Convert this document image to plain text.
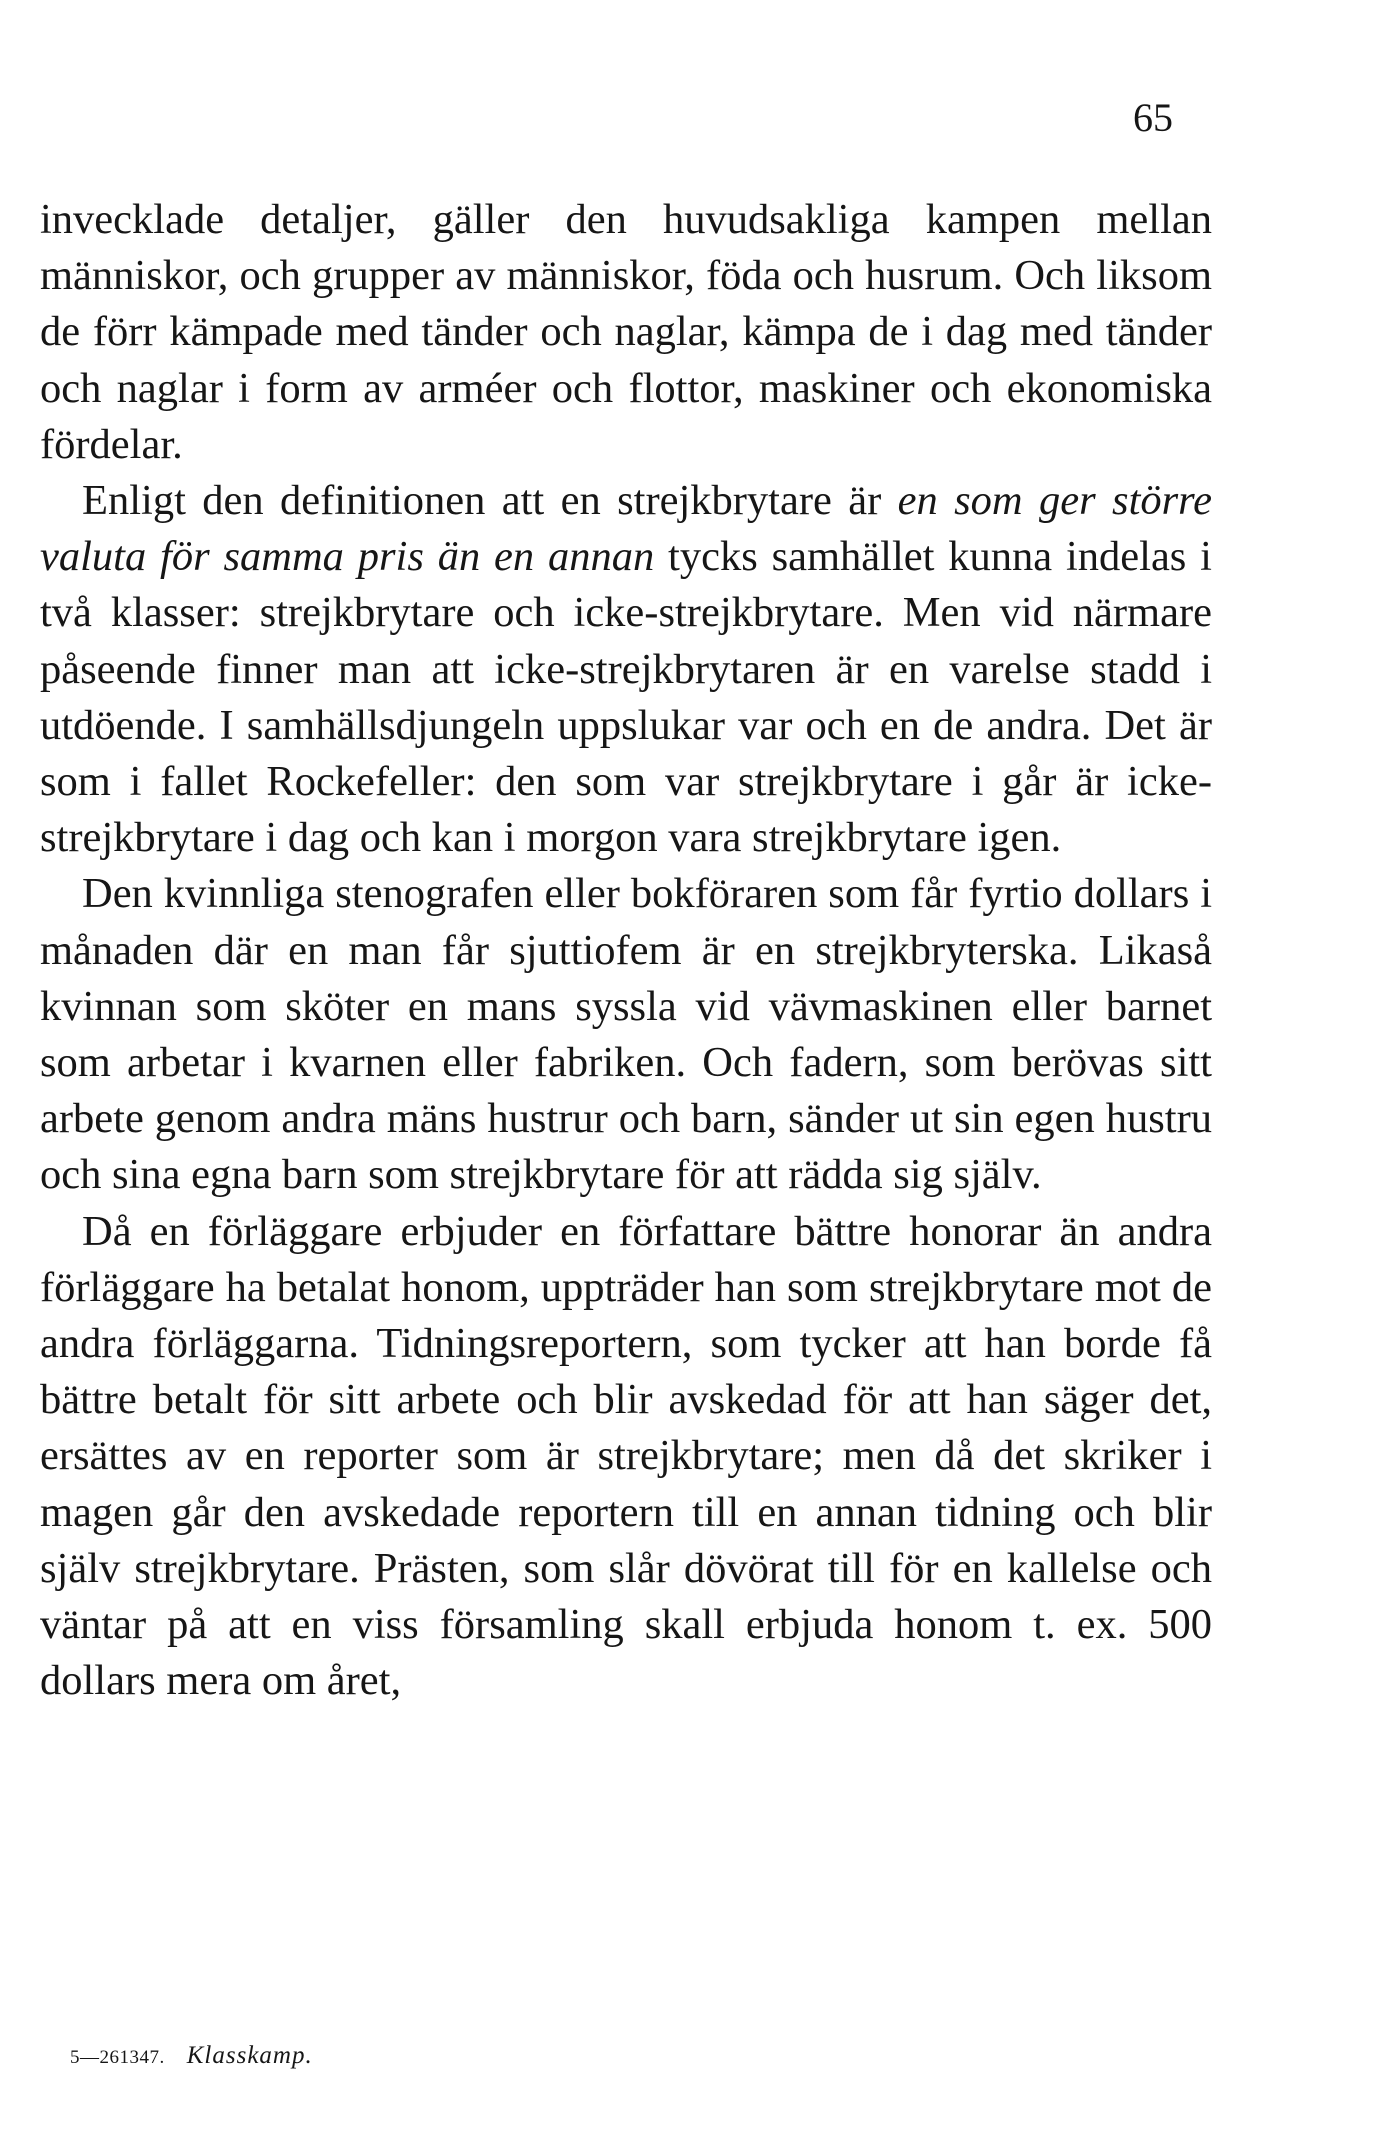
65

invecklade detaljer, gäller den huvudsakliga kampen mellan människor, och grupper av människor, föda och husrum. Och liksom de förr kämpade med tänder och naglar, kämpa de i dag med tänder och naglar i form av arméer och flottor, maskiner och ekonomiska fördelar.

Enligt den definitionen att en strejkbrytare är en som ger större valuta för samma pris än en annan tycks samhället kunna indelas i två klasser: strejkbrytare och icke-strejkbrytare. Men vid närmare påseende finner man att icke-strejkbrytaren är en varelse stadd i utdöende. I samhällsdjungeln uppslukar var och en de andra. Det är som i fallet Rockefeller: den som var strejkbrytare i går är icke-strejkbrytare i dag och kan i morgon vara strejkbrytare igen.

Den kvinnliga stenografen eller bokföraren som får fyrtio dollars i månaden där en man får sjuttiofem är en strejkbryterska. Likaså kvinnan som sköter en mans syssla vid vävmaskinen eller barnet som arbetar i kvarnen eller fabriken. Och fadern, som berövas sitt arbete genom andra mäns hustrur och barn, sänder ut sin egen hustru och sina egna barn som strejkbrytare för att rädda sig själv.

Då en förläggare erbjuder en författare bättre honorar än andra förläggare ha betalat honom, uppträder han som strejkbrytare mot de andra förläggarna. Tidningsreportern, som tycker att han borde få bättre betalt för sitt arbete och blir avskedad för att han säger det, ersättes av en reporter som är strejkbrytare; men då det skriker i magen går den avskedade reportern till en annan tidning och blir själv strejkbrytare. Prästen, som slår dövörat till för en kallelse och väntar på att en viss församling skall erbjuda honom t. ex. 500 dollars mera om året,

5—261347. Klasskamp.
